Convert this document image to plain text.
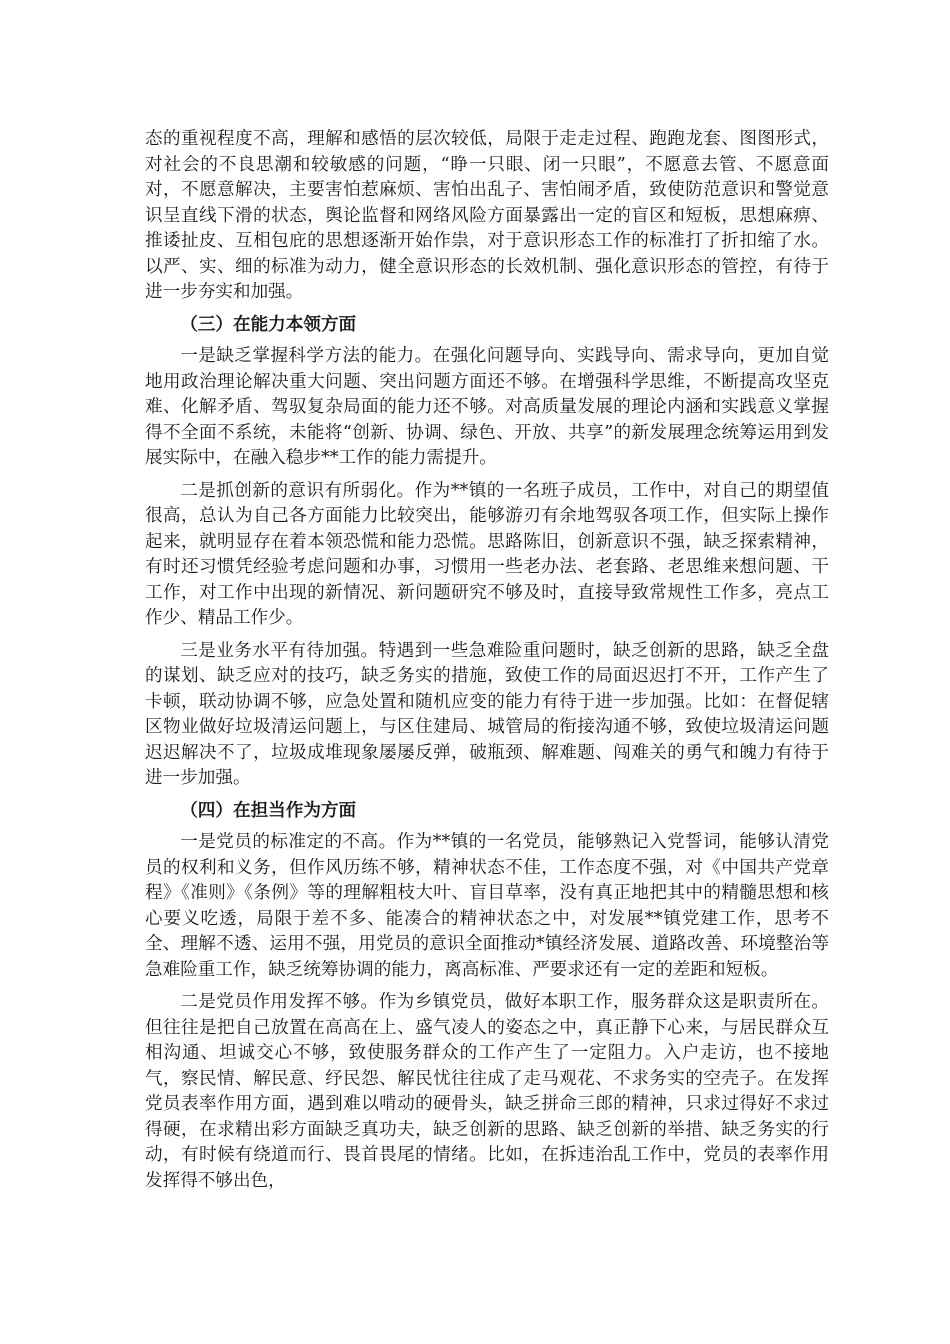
态的重视程度不高，理解和感悟的层次较低，局限于走走过程、跑跑龙套、图图形式，对社会的不良思潮和较敏感的问题，“睁一只眼、闭一只眼”，不愿意去管、不愿意面对，不愿意解决，主要害怕惹麻烦、害怕出乱子、害怕闹矛盾，致使防范意识和警觉意识呈直线下滑的状态，舆论监督和网络风险方面暴露出一定的盲区和短板，思想麻痹、推诿扯皮、互相包庇的思想逐渐开始作祟，对于意识形态工作的标准打了折扣缩了水。以严、实、细的标准为动力，健全意识形态的长效机制、强化意识形态的管控，有待于进一步夯实和加强。

（三）在能力本领方面

一是缺乏掌握科学方法的能力。在强化问题导向、实践导向、需求导向，更加自觉地用政治理论解决重大问题、突出问题方面还不够。在增强科学思维，不断提高攻坚克难、化解矛盾、驾驭复杂局面的能力还不够。对高质量发展的理论内涵和实践意义掌握得不全面不系统，未能将“创新、协调、绿色、开放、共享”的新发展理念统筹运用到发展实际中，在融入稳步**工作的能力需提升。

二是抓创新的意识有所弱化。作为**镇的一名班子成员，工作中，对自己的期望值很高，总认为自己各方面能力比较突出，能够游刃有余地驾驭各项工作，但实际上操作起来，就明显存在着本领恐慌和能力恐慌。思路陈旧，创新意识不强，缺乏探索精神，有时还习惯凭经验考虑问题和办事，习惯用一些老办法、老套路、老思维来想问题、干工作，对工作中出现的新情况、新问题研究不够及时，直接导致常规性工作多，亮点工作少、精品工作少。

三是业务水平有待加强。特遇到一些急难险重问题时，缺乏创新的思路，缺乏全盘的谋划、缺乏应对的技巧，缺乏务实的措施，致使工作的局面迟迟打不开，工作产生了卡顿，联动协调不够，应急处置和随机应变的能力有待于进一步加强。比如：在督促辖区物业做好垃圾清运问题上，与区住建局、城管局的衔接沟通不够，致使垃圾清运问题迟迟解决不了，垃圾成堆现象屡屡反弹，破瓶颈、解难题、闯难关的勇气和魄力有待于进一步加强。

（四）在担当作为方面

一是党员的标准定的不高。作为**镇的一名党员，能够熟记入党誓词，能够认清党员的权利和义务，但作风历练不够，精神状态不佳，工作态度不强，对《中国共产党章程》《准则》《条例》等的理解粗枝大叶、盲目草率，没有真正地把其中的精髓思想和核心要义吃透，局限于差不多、能凑合的精神状态之中，对发展**镇党建工作，思考不全、理解不透、运用不强，用党员的意识全面推动*镇经济发展、道路改善、环境整治等急难险重工作，缺乏统筹协调的能力，离高标准、严要求还有一定的差距和短板。

二是党员作用发挥不够。作为乡镇党员，做好本职工作，服务群众这是职责所在。但往往是把自己放置在高高在上、盛气凌人的姿态之中，真正静下心来，与居民群众互相沟通、坦诚交心不够，致使服务群众的工作产生了一定阻力。入户走访，也不接地气，察民情、解民意、纾民怨、解民忧往往成了走马观花、不求务实的空壳子。在发挥党员表率作用方面，遇到难以啃动的硬骨头，缺乏拼命三郎的精神，只求过得好不求过得硬，在求精出彩方面缺乏真功夫，缺乏创新的思路、缺乏创新的举措、缺乏务实的行动，有时候有绕道而行、畏首畏尾的情绪。比如，在拆违治乱工作中，党员的表率作用发挥得不够出色，
